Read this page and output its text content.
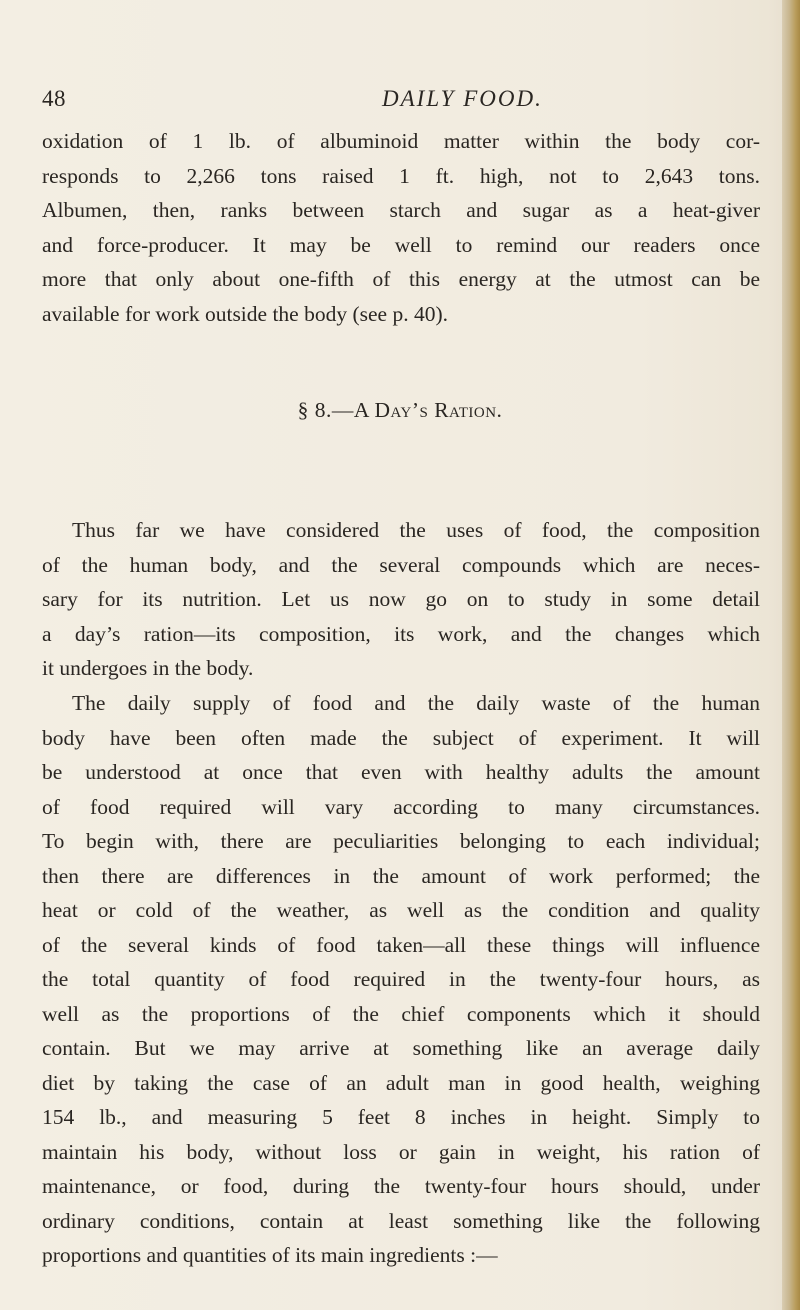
48	DAILY FOOD.

oxidation of 1 lb. of albuminoid matter within the body cor-
responds to 2,266 tons raised 1 ft. high, not to 2,643 tons.
Albumen, then, ranks between starch and sugar as a heat-giver
and force-producer. It may be well to remind our readers once
more that only about one-fifth of this energy at the utmost can be
available for work outside the body (see p. 40).

§ 8.—A Day’s Ration.

Thus far we have considered the uses of food, the composition
of the human body, and the several compounds which are neces-
sary for its nutrition. Let us now go on to study in some detail
a day’s ration—its composition, its work, and the changes which
it undergoes in the body.

The daily supply of food and the daily waste of the human
body have been often made the subject of experiment. It will
be understood at once that even with healthy adults the amount
of food required will vary according to many circumstances.
To begin with, there are peculiarities belonging to each individual;
then there are differences in the amount of work performed; the
heat or cold of the weather, as well as the condition and quality
of the several kinds of food taken—all these things will influence
the total quantity of food required in the twenty-four hours, as
well as the proportions of the chief components which it should
contain. But we may arrive at something like an average daily
diet by taking the case of an adult man in good health, weighing
154 lb., and measuring 5 feet 8 inches in height. Simply to
maintain his body, without loss or gain in weight, his ration of
maintenance, or food, during the twenty-four hours should, under
ordinary conditions, contain at least something like the following
proportions and quantities of its main ingredients :—
